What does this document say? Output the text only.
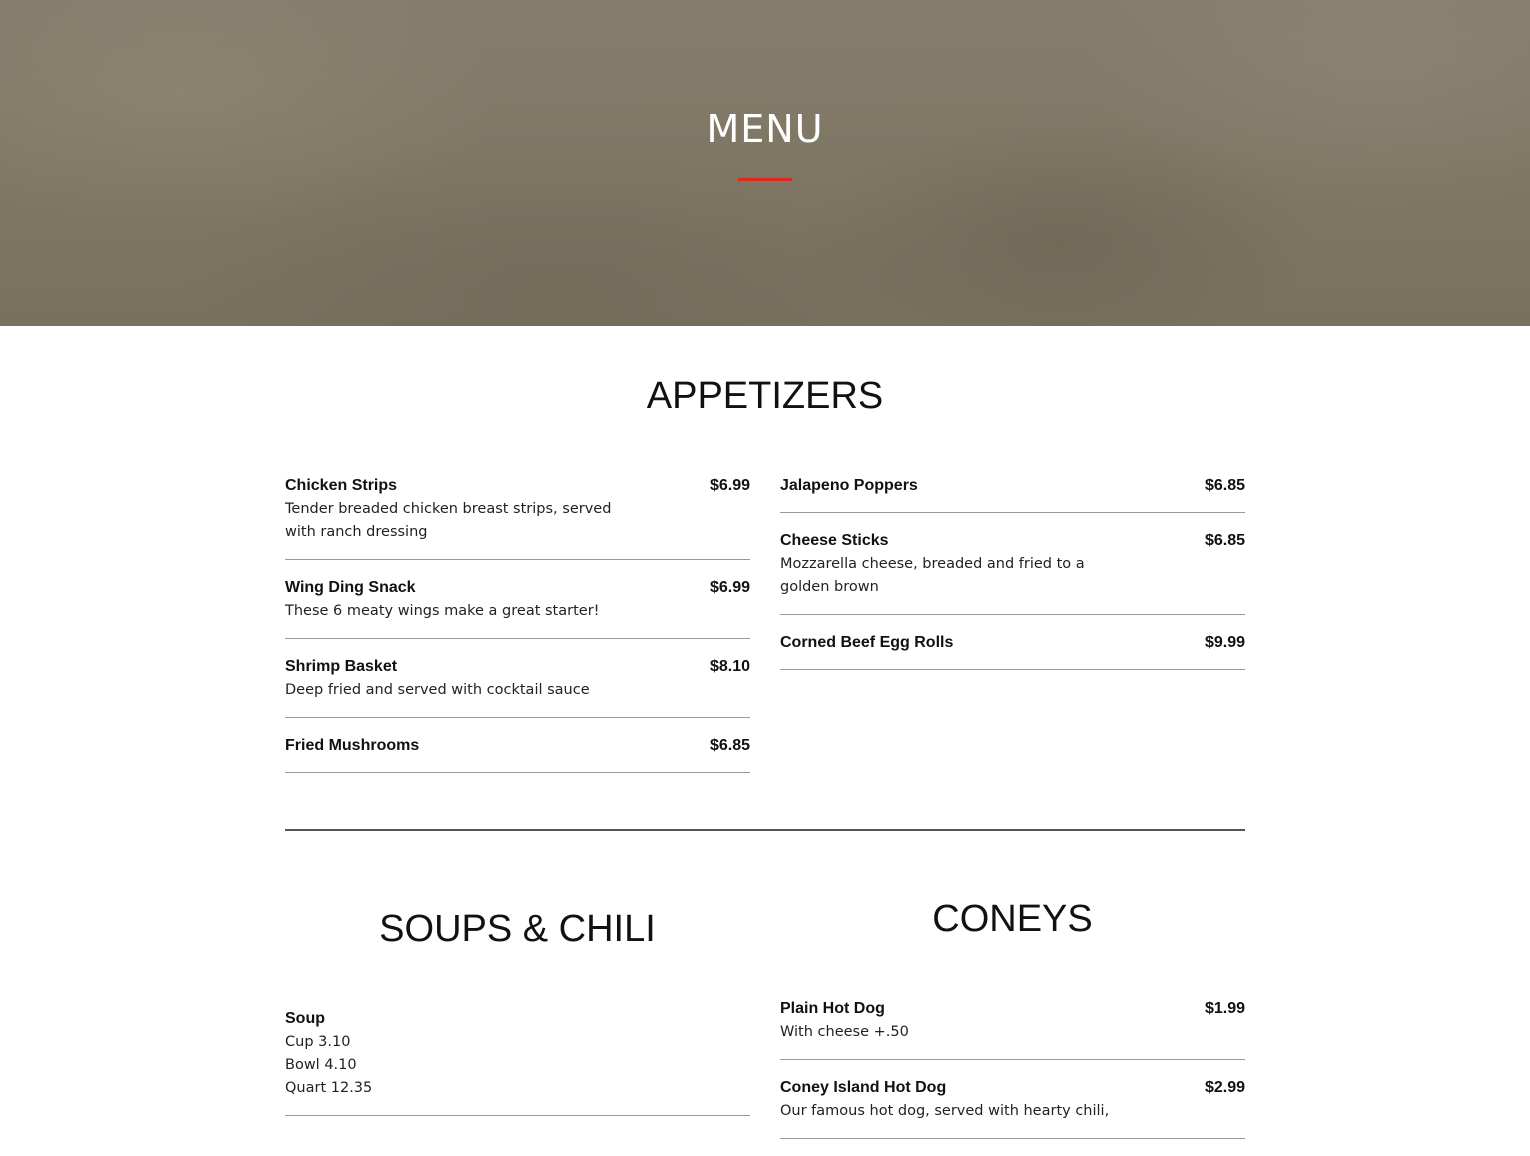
MENU
APPETIZERS
Chicken Strips	$6.99
Tender breaded chicken breast strips, served with ranch dressing
Wing Ding Snack	$6.99
These 6 meaty wings make a great starter!
Shrimp Basket	$8.10
Deep fried and served with cocktail sauce
Fried Mushrooms	$6.85
Jalapeno Poppers	$6.85
Cheese Sticks	$6.85
Mozzarella cheese, breaded and fried to a golden brown
Corned Beef Egg Rolls	$9.99
SOUPS & CHILI	CONEYS
Soup
Cup 3.10
Bowl 4.10
Quart 12.35
Plain Hot Dog	$1.99
With cheese +.50
Coney Island Hot Dog	$2.99
Our famous hot dog, served with hearty chili,
